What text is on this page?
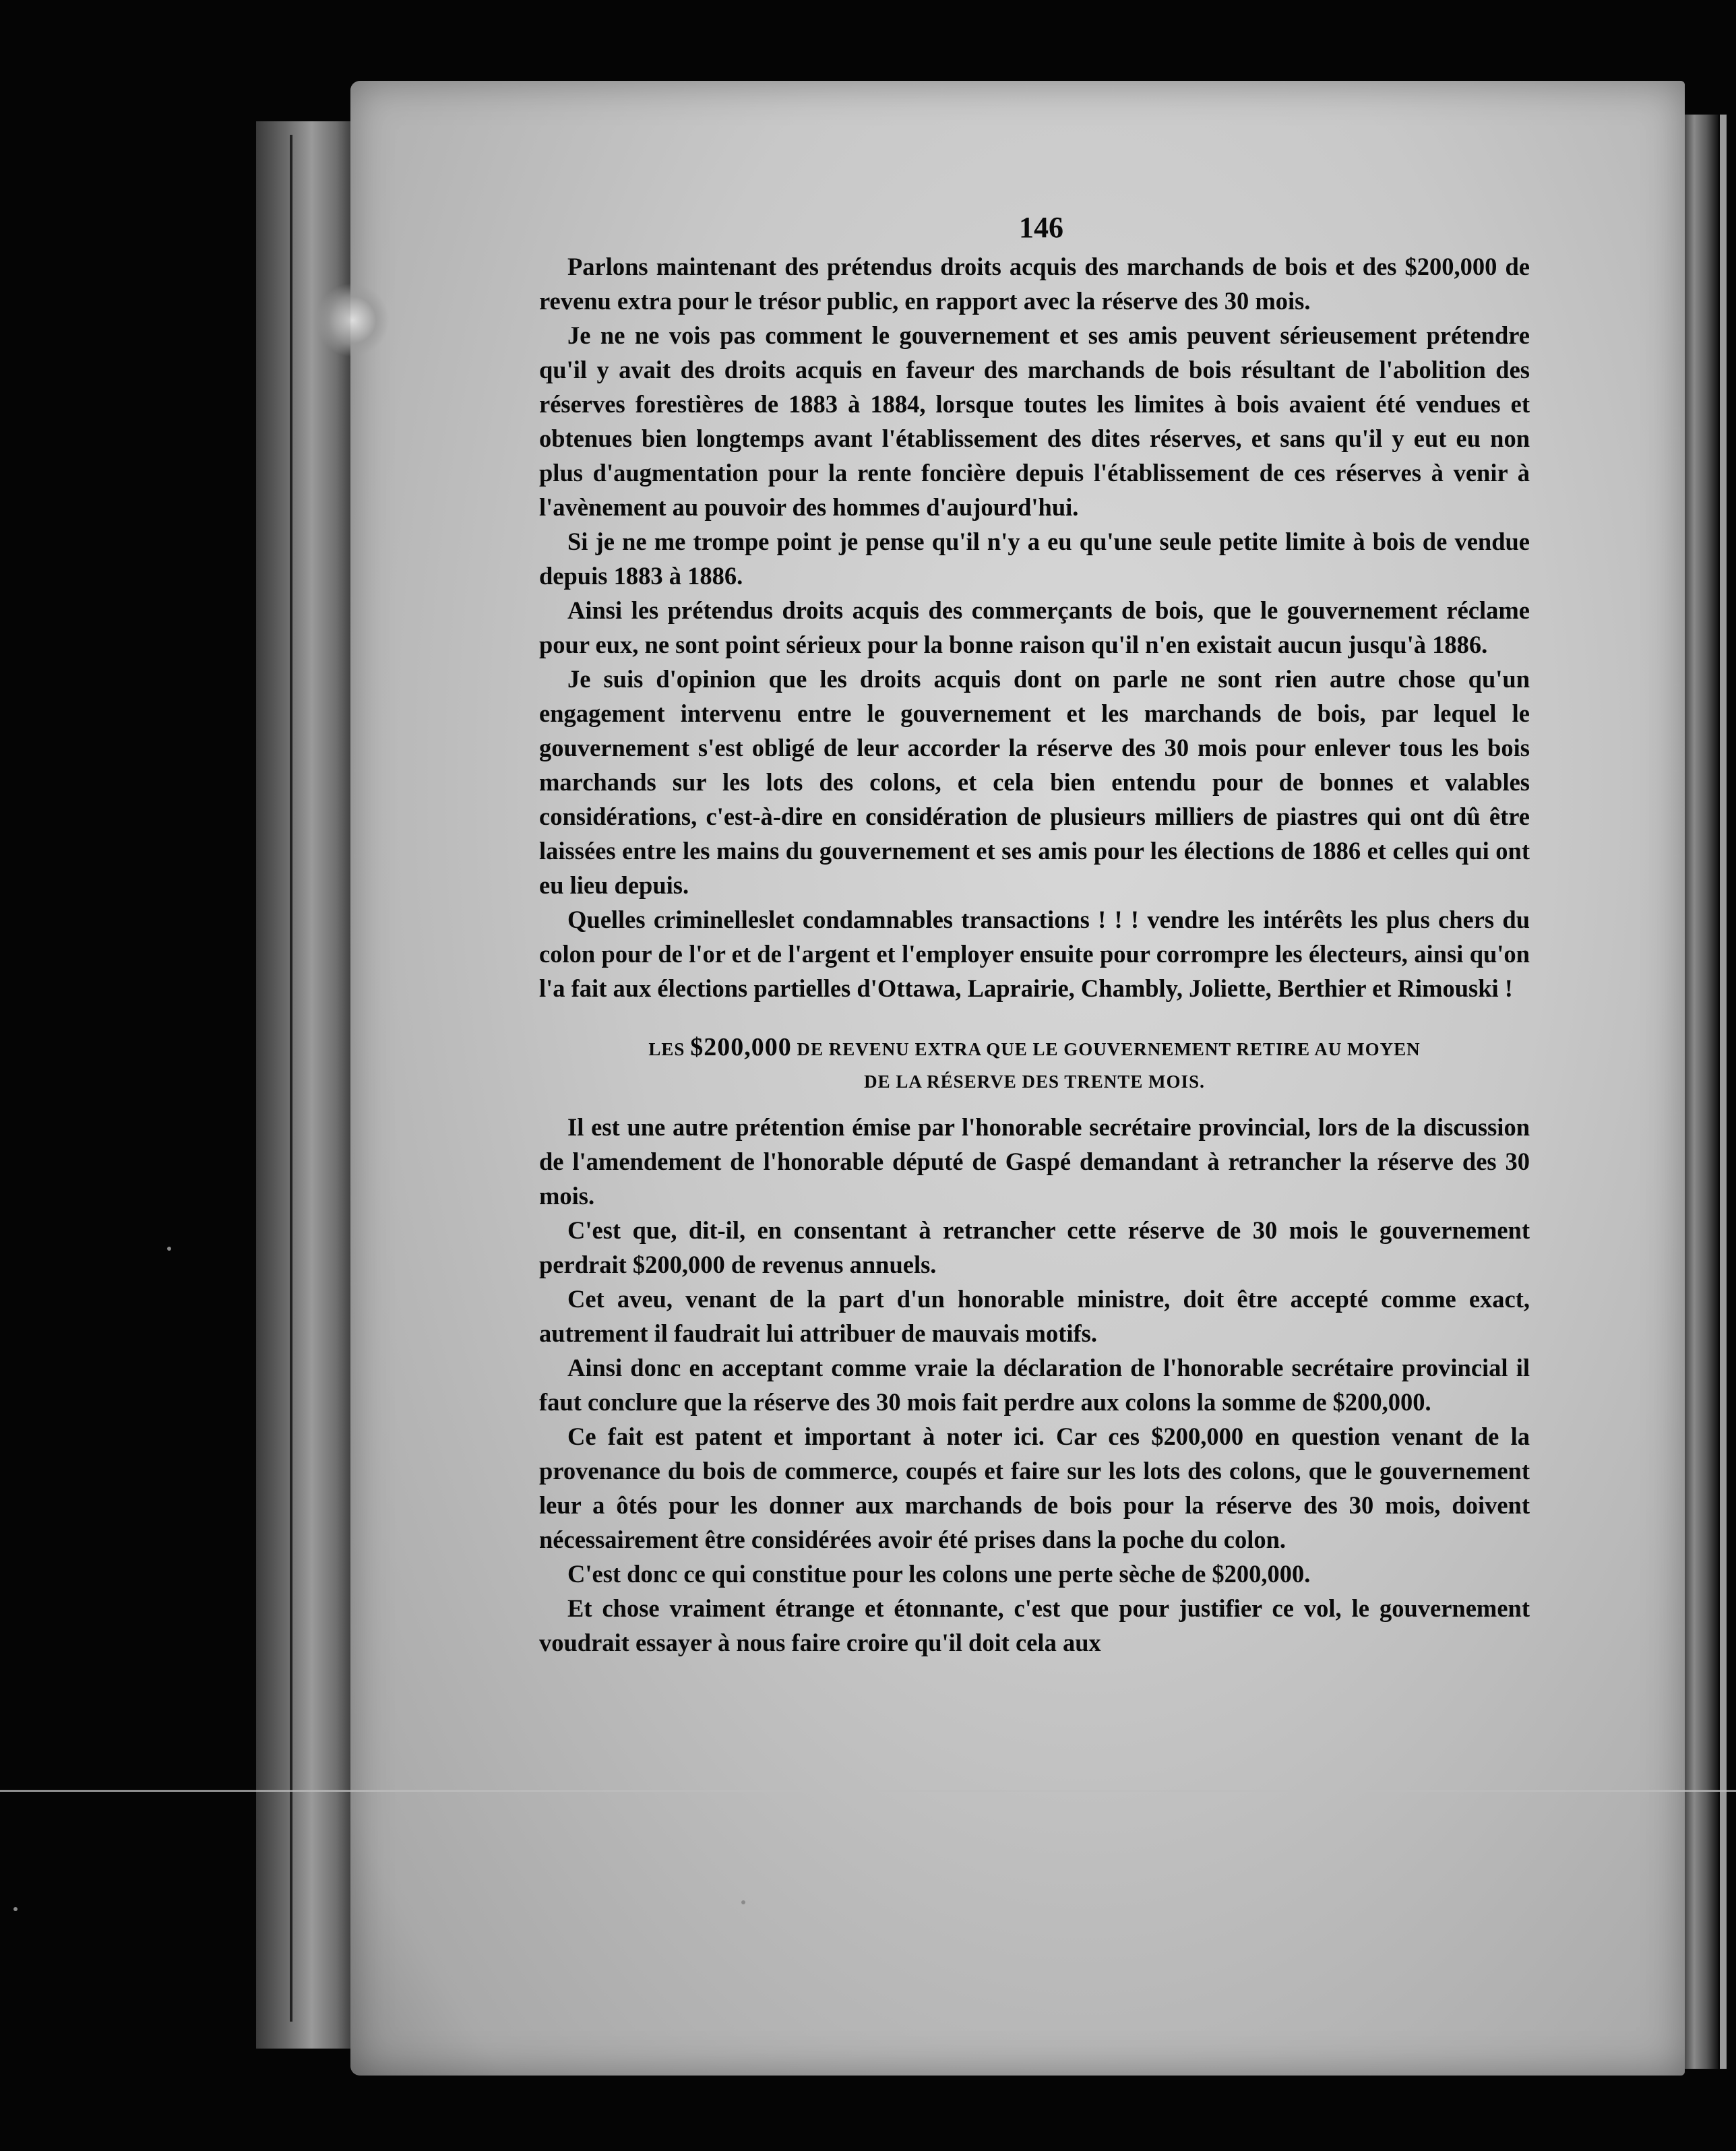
146

Parlons maintenant des prétendus droits acquis des marchands de bois et des $200,000 de revenu extra pour le trésor public, en rapport avec la réserve des 30 mois.

Je ne ne vois pas comment le gouvernement et ses amis peuvent sérieusement prétendre qu'il y avait des droits acquis en faveur des marchands de bois résultant de l'abolition des réserves forestières de 1883 à 1884, lorsque toutes les limites à bois avaient été vendues et obtenues bien longtemps avant l'établissement des dites réserves, et sans qu'il y eut eu non plus d'augmentation pour la rente foncière depuis l'établissement de ces réserves à venir à l'avènement au pouvoir des hommes d'aujourd'hui.

Si je ne me trompe point je pense qu'il n'y a eu qu'une seule petite limite à bois de vendue depuis 1883 à 1886.

Ainsi les prétendus droits acquis des commerçants de bois, que le gouvernement réclame pour eux, ne sont point sérieux pour la bonne raison qu'il n'en existait aucun jusqu'à 1886.

Je suis d'opinion que les droits acquis dont on parle ne sont rien autre chose qu'un engagement intervenu entre le gouvernement et les marchands de bois, par lequel le gouvernement s'est obligé de leur accorder la réserve des 30 mois pour enlever tous les bois marchands sur les lots des colons, et cela bien entendu pour de bonnes et valables considérations, c'est-à-dire en considération de plusieurs milliers de piastres qui ont dû être laissées entre les mains du gouvernement et ses amis pour les élections de 1886 et celles qui ont eu lieu depuis.

Quelles criminelleslet condamnables transactions ! ! ! vendre les intérêts les plus chers du colon pour de l'or et de l'argent et l'employer ensuite pour corrompre les électeurs, ainsi qu'on l'a fait aux élections partielles d'Ottawa, Laprairie, Chambly, Joliette, Berthier et Rimouski !

LES $200,000 DE REVENU EXTRA QUE LE GOUVERNEMENT RETIRE AU MOYEN
DE LA RÉSERVE DES TRENTE MOIS.

Il est une autre prétention émise par l'honorable secrétaire provincial, lors de la discussion de l'amendement de l'honorable député de Gaspé demandant à retrancher la réserve des 30 mois.

C'est que, dit-il, en consentant à retrancher cette réserve de 30 mois le gouvernement perdrait $200,000 de revenus annuels.

Cet aveu, venant de la part d'un honorable ministre, doit être accepté comme exact, autrement il faudrait lui attribuer de mauvais motifs.

Ainsi donc en acceptant comme vraie la déclaration de l'honorable secrétaire provincial il faut conclure que la réserve des 30 mois fait perdre aux colons la somme de $200,000.

Ce fait est patent et important à noter ici. Car ces $200,000 en question venant de la provenance du bois de commerce, coupés et faire sur les lots des colons, que le gouvernement leur a ôtés pour les donner aux marchands de bois pour la réserve des 30 mois, doivent nécessairement être considérées avoir été prises dans la poche du colon.

C'est donc ce qui constitue pour les colons une perte sèche de $200,000.

Et chose vraiment étrange et étonnante, c'est que pour justifier ce vol, le gouvernement voudrait essayer à nous faire croire qu'il doit cela aux
